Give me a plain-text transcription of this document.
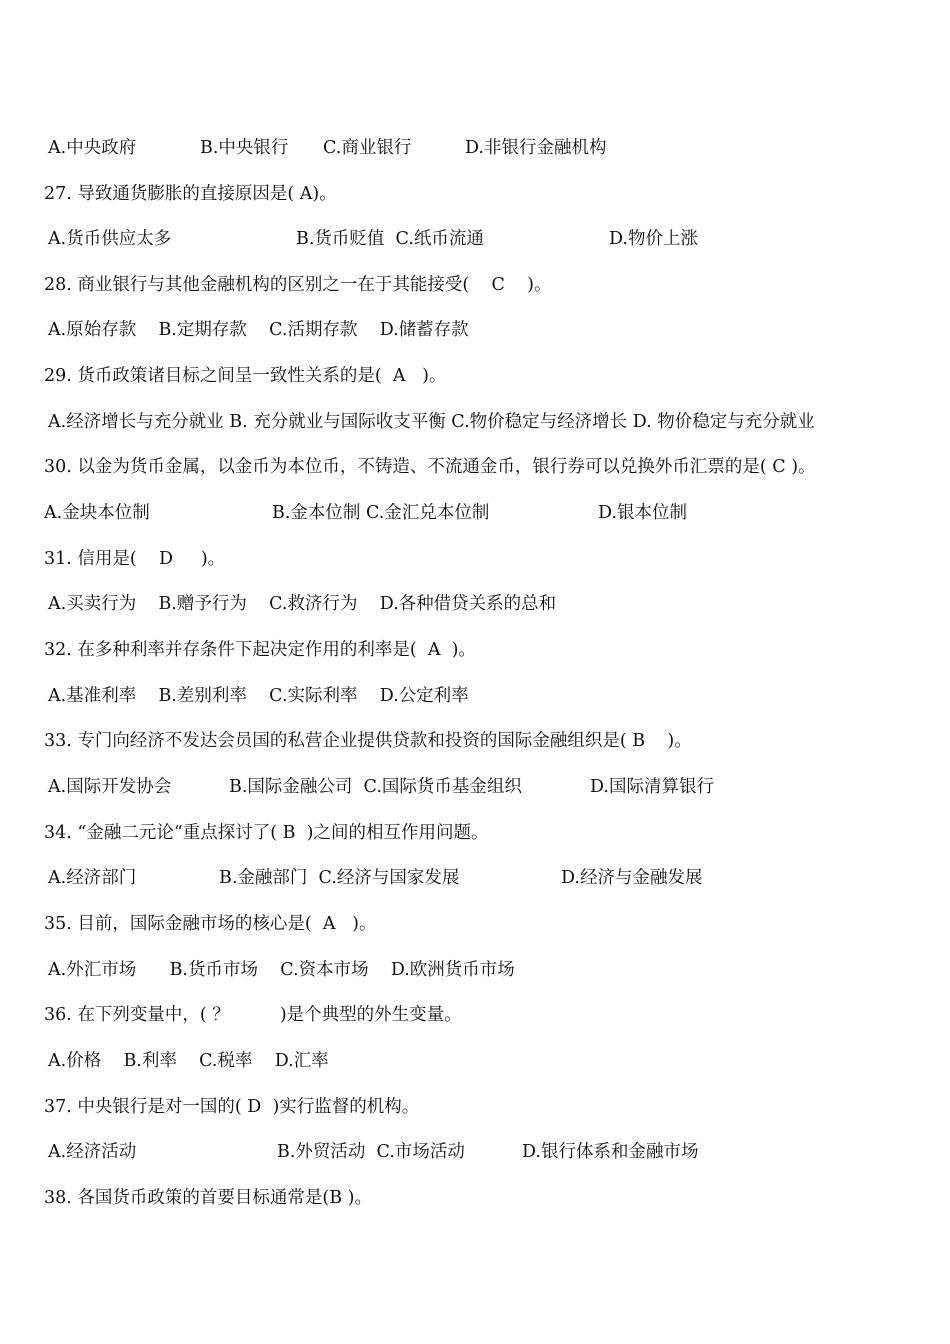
A.中央政府

	B.中央银行

C.商业银行

	D.非银行金融机构

27. 导致通货膨胀的直接原因是( A)。

A.货币供应太多

	B.货币贬值  C.纸币流通

	D.物价上涨

28. 商业银行与其他金融机构的区别之一在于其能接受(    C    )。
A.原始存款    B.定期存款    C.活期存款    D.储蓄存款
29. 货币政策诸目标之间呈一致性关系的是(  A   )。
A.经济增长与充分就业 B. 充分就业与国际收支平衡 C.物价稳定与经济增长 D. 物价稳定与充分就业
30. 以金为货币金属，以金币为本位币，不铸造、不流通金币，银行券可以兑换外币汇票的是( C )。

A.金块本位制

	B.金本位制 C.金汇兑本位制

	D.银本位制

31. 信用是(    D     )。
A.买卖行为    B.赠予行为    C.救济行为    D.各种借贷关系的总和
32. 在多种利率并存条件下起决定作用的利率是(  A  )。
A.基准利率    B.差别利率    C.实际利率    D.公定利率
33. 专门向经济不发达会员国的私营企业提供贷款和投资的国际金融组织是( B    )。

A.国际开发协会

	B.国际金融公司  C.国际货币基金组织

	D.国际清算银行

34. “金融二元论“重点探讨了( B  )之间的相互作用问题。

A.经济部门

	B.金融部门  C.经济与国家发展

	D.经济与金融发展

35. 目前，国际金融市场的核心是(  A   )。
A.外汇市场      B.货币市场    C.资本市场    D.欧洲货币市场
36. 在下列变量中，( ？         )是个典型的外生变量。
A.价格    B.利率    C.税率    D.汇率
37. 中央银行是对一国的( D  )实行监督的机构。

A.经济活动

	B.外贸活动  C.市场活动

	D.银行体系和金融市场

38. 各国货币政策的首要目标通常是(B )。
